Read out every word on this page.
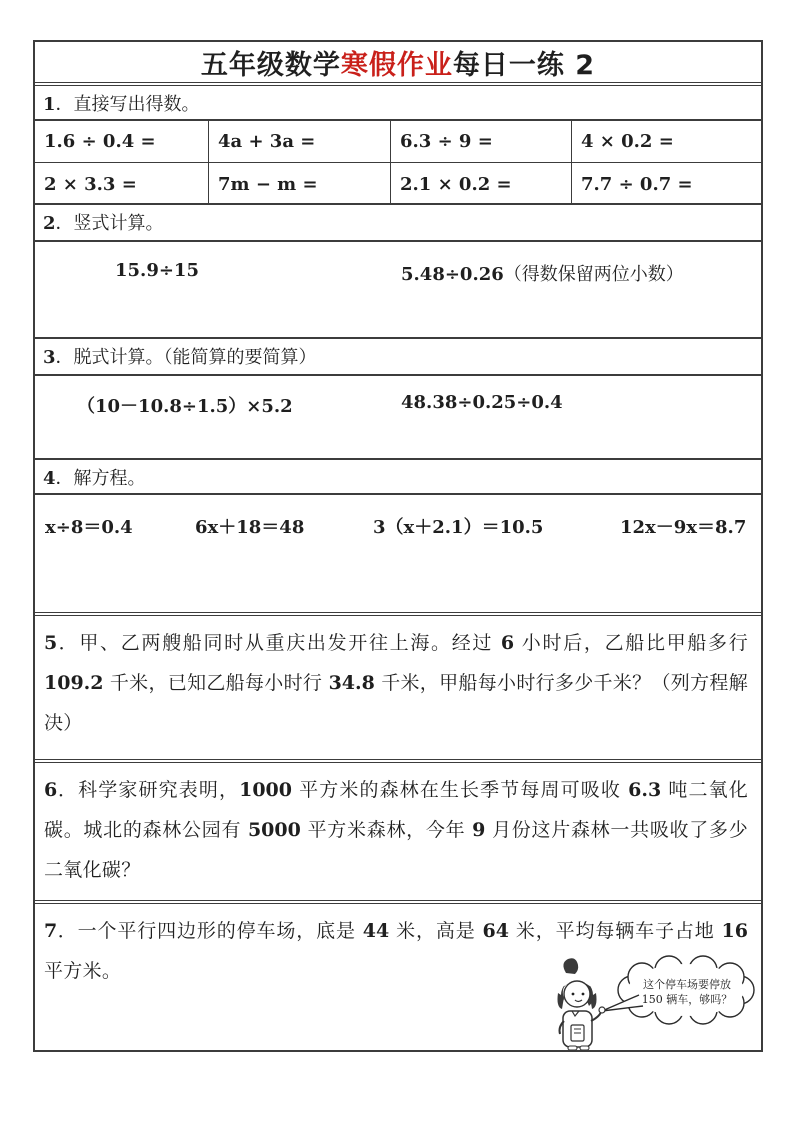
五年级数学寒假作业每日一练 2
1．直接写出得数。
1.6 ÷ 0.4 =	4a + 3a =	6.3 ÷ 9 =	4 × 0.2 =
2 × 3.3 =	7m − m =	2.1 × 0.2 =	7.7 ÷ 0.7 =
2．竖式计算。
15.9÷15	5.48÷0.26（得数保留两位小数）
3．脱式计算。（能简算的要简算）
（10－10.8÷1.5）×5.2	48.38÷0.25÷0.4
4．解方程。
x÷8＝0.4	6x＋18＝48	3（x＋2.1）＝10.5	12x－9x＝8.7
5．甲、乙两艘船同时从重庆出发开往上海。经过 6 小时后，乙船比甲船多行 109.2 千米，已知乙船每小时行 34.8 千米，甲船每小时行多少千米？（列方程解决）
6．科学家研究表明，1000 平方米的森林在生长季节每周可吸收 6.3 吨二氧化碳。城北的森林公园有 5000 平方米森林，今年 9 月份这片森林一共吸收了多少二氧化碳？
7．一个平行四边形的停车场，底是 44 米，高是 64 米，平均每辆车子占地 16 平方米。
这个停车场要停放
150 辆车，够吗？
